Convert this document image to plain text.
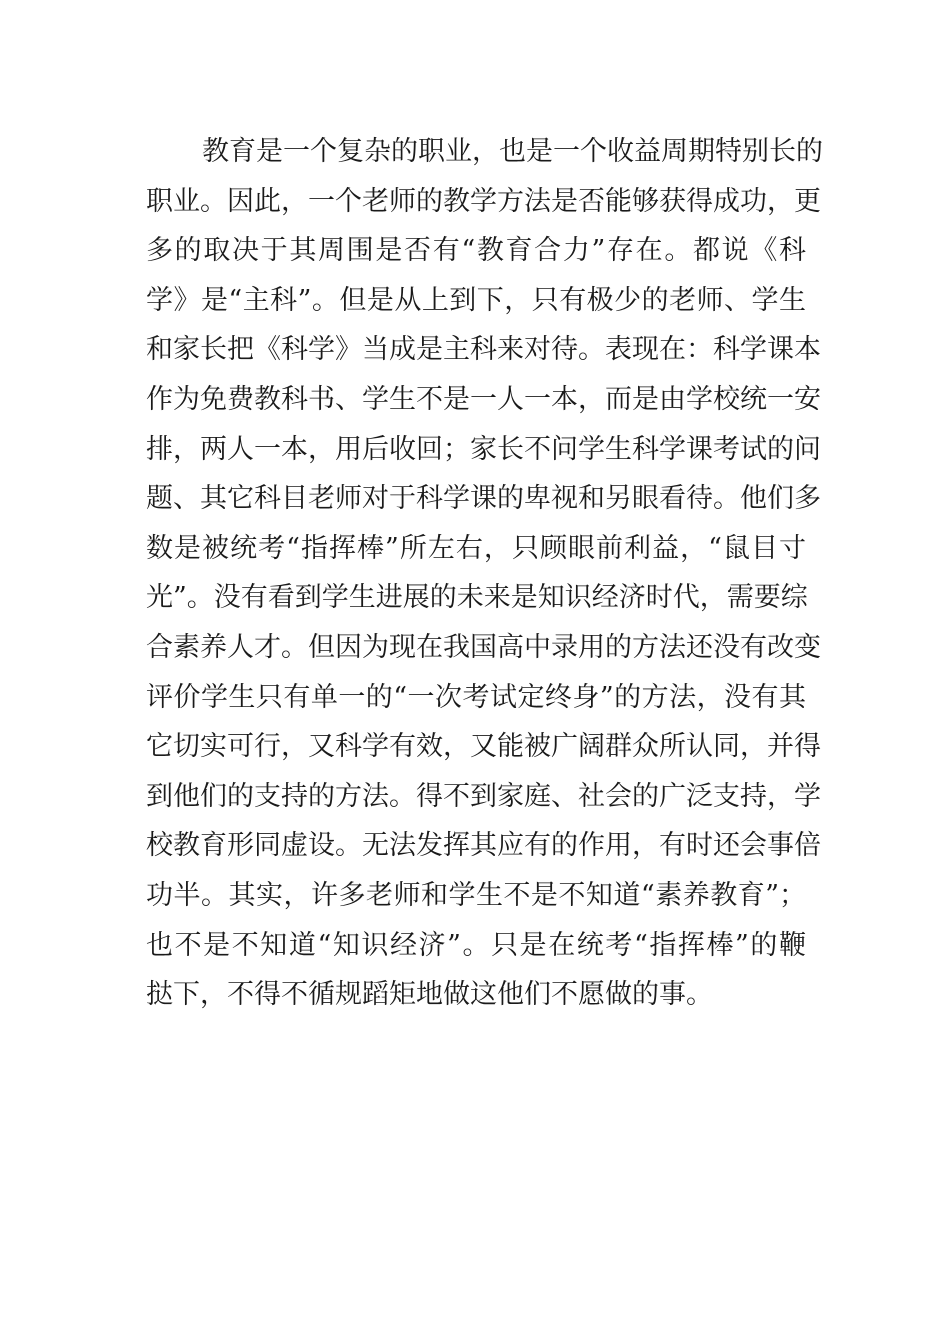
教育是一个复杂的职业，也是一个收益周期特别长的
职业。因此，一个老师的教学方法是否能够获得成功，更
多的取决于其周围是否有“教育合力”存在。都说《科
学》是“主科”。但是从上到下，只有极少的老师、学生
和家长把《科学》当成是主科来对待。表现在：科学课本
作为免费教科书、学生不是一人一本，而是由学校统一安
排，两人一本，用后收回；家长不问学生科学课考试的问
题、其它科目老师对于科学课的卑视和另眼看待。他们多
数是被统考“指挥棒”所左右，只顾眼前利益，“鼠目寸
光”。没有看到学生进展的未来是知识经济时代，需要综
合素养人才。但因为现在我国高中录用的方法还没有改变
评价学生只有单一的“一次考试定终身”的方法，没有其
它切实可行，又科学有效，又能被广阔群众所认同，并得
到他们的支持的方法。得不到家庭、社会的广泛支持，学
校教育形同虚设。无法发挥其应有的作用，有时还会事倍
功半。其实，许多老师和学生不是不知道“素养教育”；
也不是不知道“知识经济”。只是在统考“指挥棒”的鞭
挞下，不得不循规蹈矩地做这他们不愿做的事。
